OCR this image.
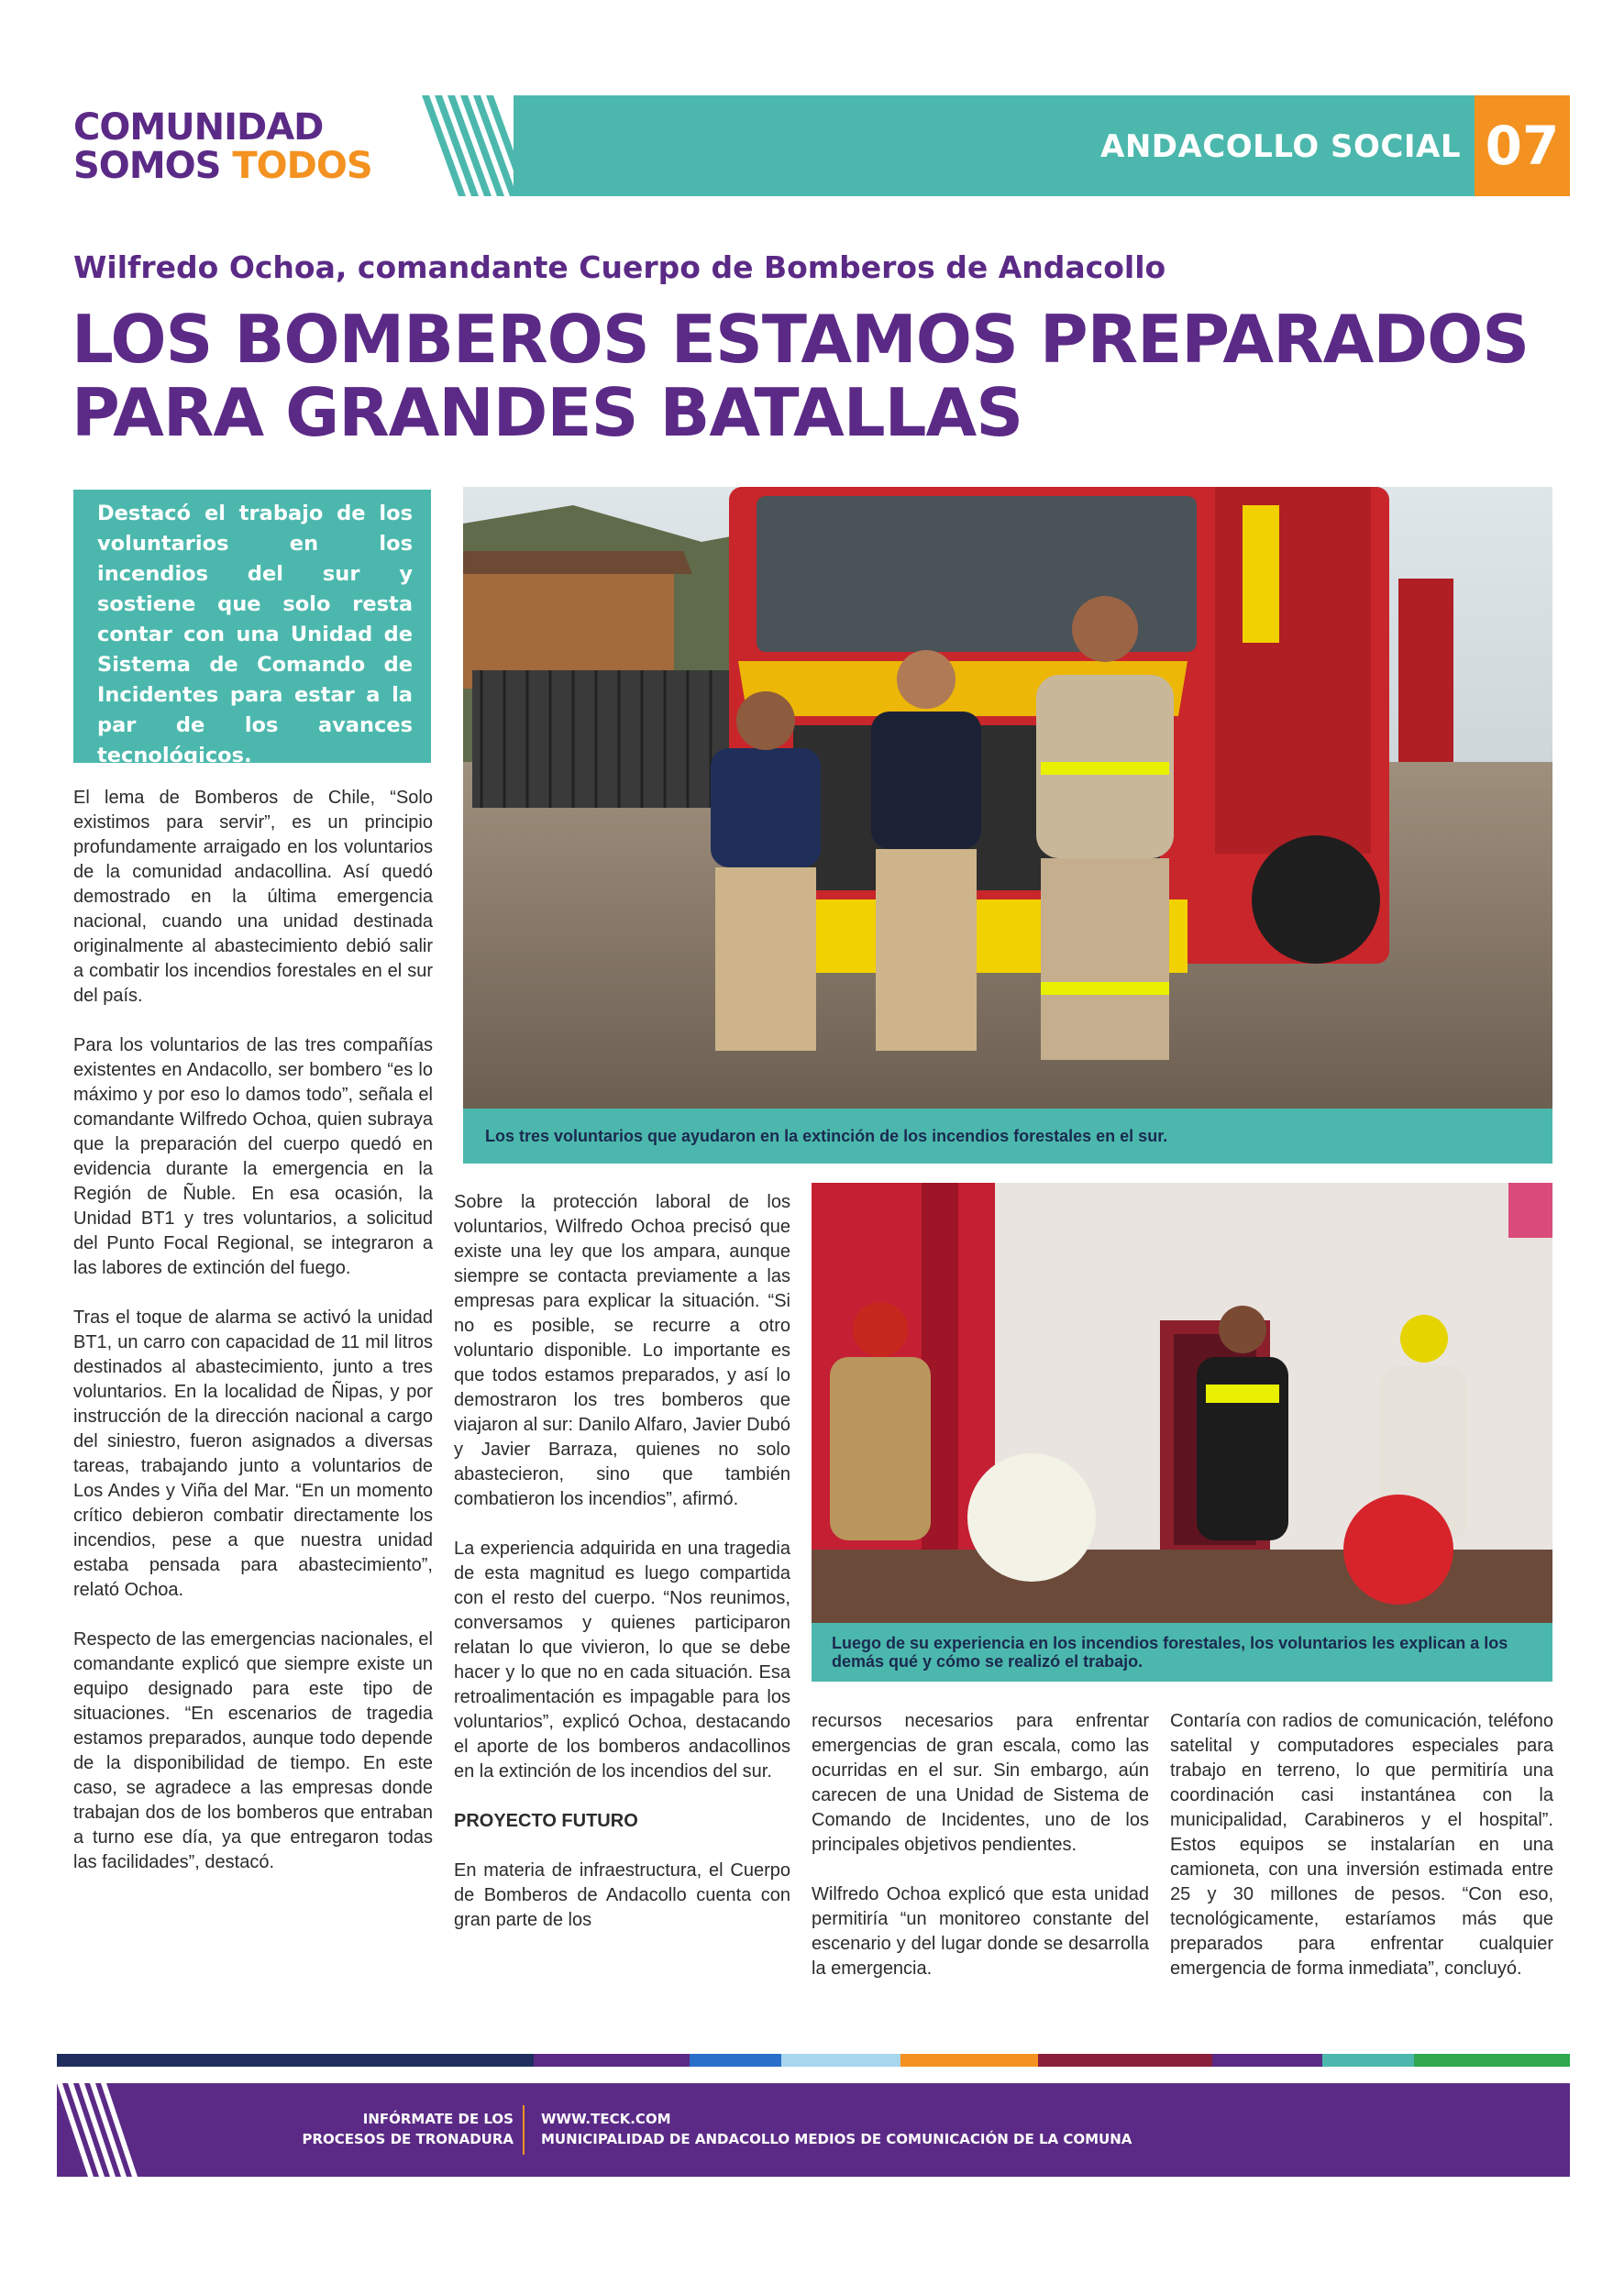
COMUNIDAD
SOMOS TODOS	ANDACOLLO SOCIAL 07
Wilfredo Ochoa, comandante Cuerpo de Bomberos de Andacollo
LOS BOMBEROS ESTAMOS PREPARADOS
PARA GRANDES BATALLAS

Destacó el trabajo de los voluntarios en los incendios del sur y sostiene que solo resta contar con una Unidad de Sistema de Comando de Incidentes para estar a la par de los avances tecnológicos.

El lema de Bomberos de Chile, “Solo existimos para servir”, es un principio profundamente arraigado en los voluntarios de la comunidad andacollina. Así quedó demostrado en la última emergencia nacional, cuando una unidad destinada originalmente al abastecimiento debió salir a combatir los incendios forestales en el sur del país.

Para los voluntarios de las tres compañías existentes en Andacollo, ser bombero “es lo máximo y por eso lo damos todo”, señala el comandante Wilfredo Ochoa, quien subraya que la preparación del cuerpo quedó en evidencia durante la emergencia en la Región de Ñuble. En esa ocasión, la Unidad BT1 y tres voluntarios, a solicitud del Punto Focal Regional, se integraron a las labores de extinción del fuego.

Tras el toque de alarma se activó la unidad BT1, un carro con capacidad de 11 mil litros destinados al abastecimiento, junto a tres voluntarios. En la localidad de Ñipas, y por instrucción de la dirección nacional a cargo del siniestro, fueron asignados a diversas tareas, trabajando junto a voluntarios de Los Andes y Viña del Mar. “En un momento crítico debieron combatir directamente los incendios, pese a que nuestra unidad estaba pensada para abastecimiento”, relató Ochoa.

Respecto de las emergencias nacionales, el comandante explicó que siempre existe un equipo designado para este tipo de situaciones. “En escenarios de tragedia estamos preparados, aunque todo depende de la disponibilidad de tiempo. En este caso, se agradece a las empresas donde trabajan dos de los bomberos que entraban a turno ese día, ya que entregaron todas las facilidades”, destacó.

Los tres voluntarios que ayudaron en la extinción de los incendios forestales en el sur.

Sobre la protección laboral de los voluntarios, Wilfredo Ochoa precisó que existe una ley que los ampara, aunque siempre se contacta previamente a las empresas para explicar la situación. “Si no es posible, se recurre a otro voluntario disponible. Lo importante es que todos estamos preparados, y así lo demostraron los tres bomberos que viajaron al sur: Danilo Alfaro, Javier Dubó y Javier Barraza, quienes no solo abastecieron, sino que también combatieron los incendios”, afirmó.

La experiencia adquirida en una tragedia de esta magnitud es luego compartida con el resto del cuerpo. “Nos reunimos, conversamos y quienes participaron relatan lo que vivieron, lo que se debe hacer y lo que no en cada situación. Esa retroalimentación es impagable para los voluntarios”, explicó Ochoa, destacando el aporte de los bomberos andacollinos en la extinción de los incendios del sur.

PROYECTO FUTURO

En materia de infraestructura, el Cuerpo de Bomberos de Andacollo cuenta con gran parte de los

Luego de su experiencia en los incendios forestales, los voluntarios les explican a los demás qué y cómo se realizó el trabajo.

recursos necesarios para enfrentar emergencias de gran escala, como las ocurridas en el sur. Sin embargo, aún carecen de una Unidad de Sistema de Comando de Incidentes, uno de los principales objetivos pendientes.

Wilfredo Ochoa explicó que esta unidad permitiría “un monitoreo constante del escenario y del lugar donde se desarrolla la emergencia.

Contaría con radios de comunicación, teléfono satelital y computadores especiales para trabajo en terreno, lo que permitiría una coordinación casi instantánea con la municipalidad, Carabineros y el hospital”. Estos equipos se instalarían en una camioneta, con una inversión estimada entre 25 y 30 millones de pesos. “Con eso, tecnológicamente, estaríamos más que preparados para enfrentar cualquier emergencia de forma inmediata”, concluyó.

INFÓRMATE DE LOS
PROCESOS DE TRONADURA
WWW.TECK.COM
MUNICIPALIDAD DE ANDACOLLO MEDIOS DE COMUNICACIÓN DE LA COMUNA
